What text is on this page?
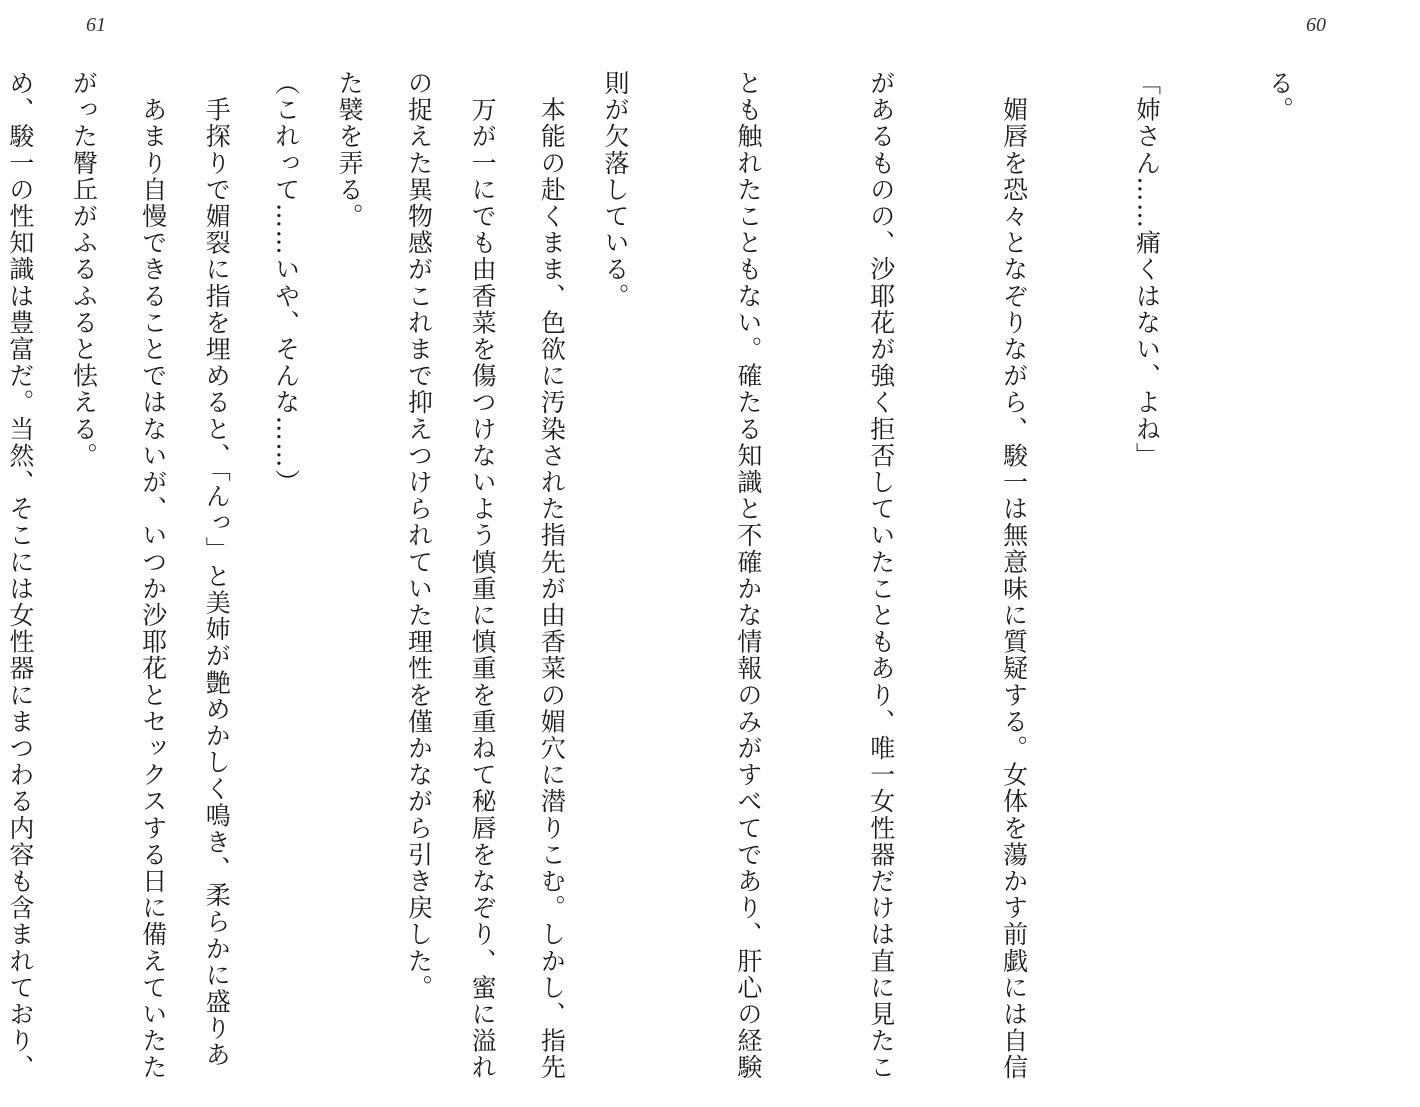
61

　本能の赴くまま、色欲に汚染された指先が由香菜の媚穴に潜りこむ。しかし、指先

の捉えた異物感がこれまで抑えつけられていた理性を僅かながら引き戻した。

（これって……いや、そんな……）

　あまり自慢できることではないが、いつか沙耶花とセックスする日に備えていたた

め、駿一の性知識は豊富だ。当然、そこには女性器にまつわる内容も含まれており、

60

る。

「姉さん……痛くはない、よね」

　媚唇を恐々となぞりながら、駿一は無意味に質疑する。女体を蕩かす前戯には自信

があるものの、沙耶花が強く拒否していたこともあり、唯一女性器だけは直に見たこ

とも触れたこともない。確たる知識と不確かな情報のみがすべてであり、肝心の経験

則が欠落している。

　万が一にでも由香菜を傷つけないよう慎重に慎重を重ねて秘唇をなぞり、蜜に溢れ

た襞を弄る。

　手探りで媚裂に指を埋めると、「んっ」と美姉が艶めかしく鳴き、柔らかに盛りあ

がった臀丘がふるふると怯える。
